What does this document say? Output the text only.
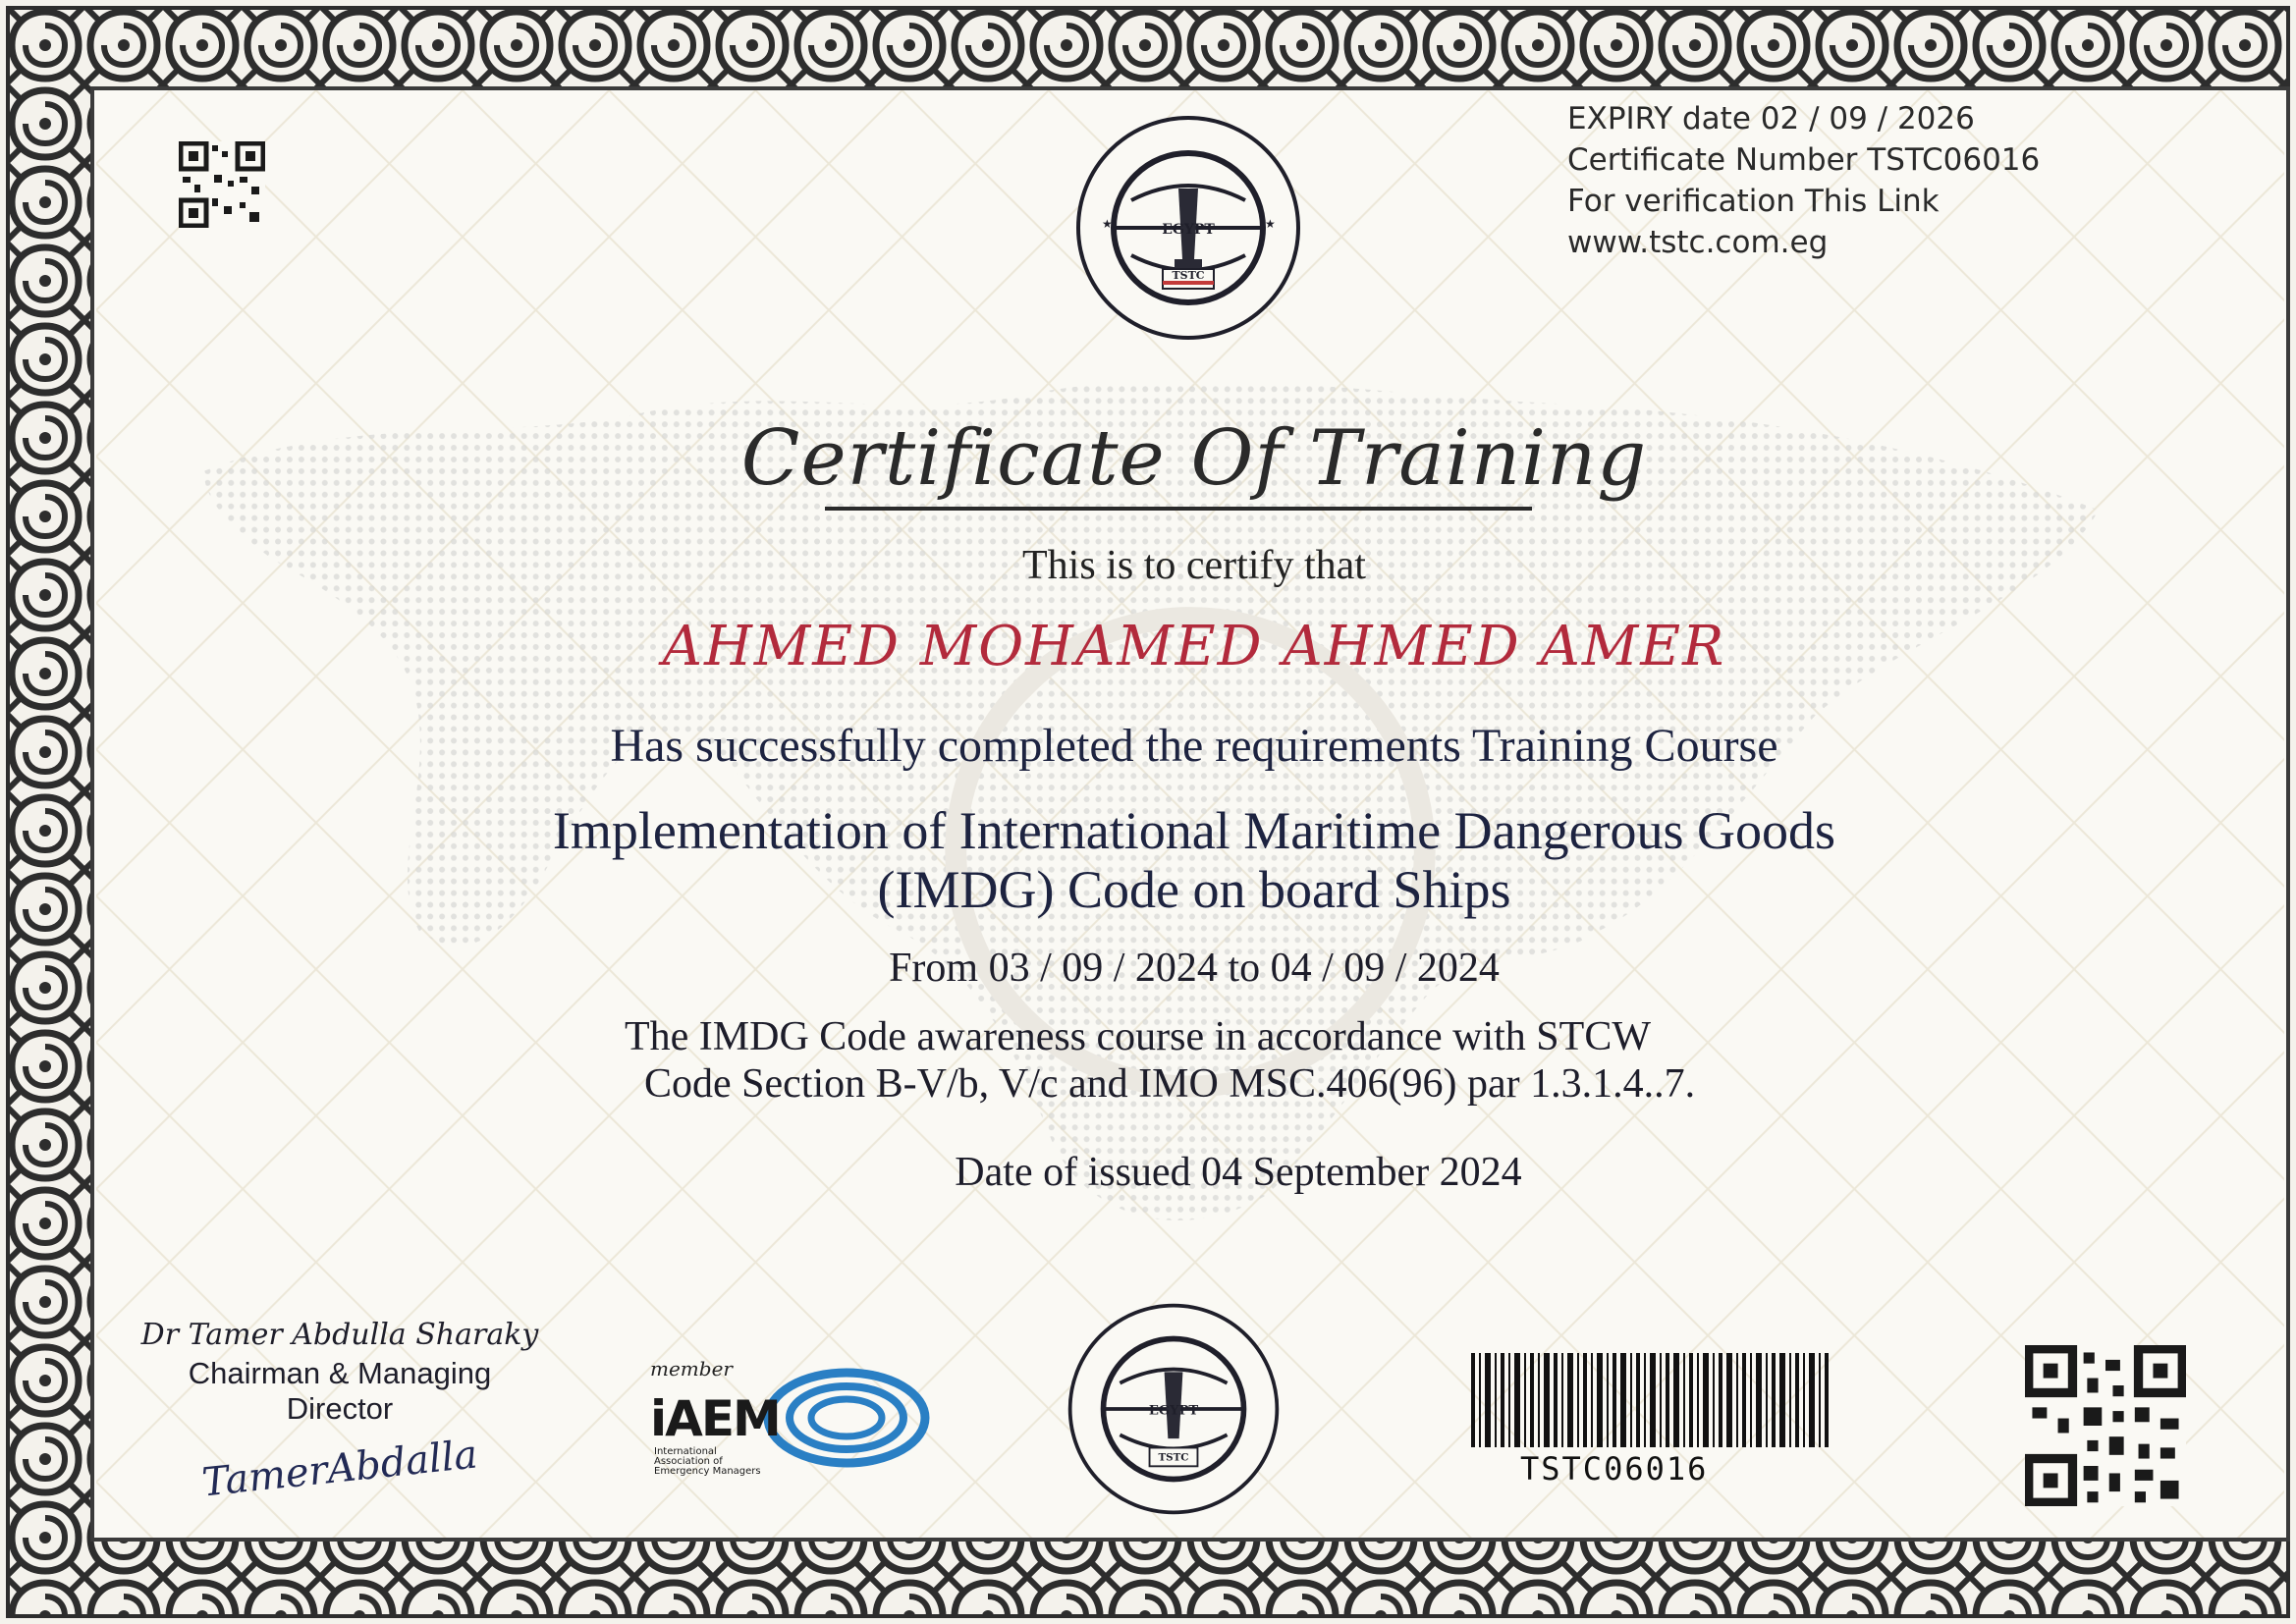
EGYPT
TSTC
★	★
EXPIRY date 02 / 09 / 2026
Certificate Number TSTC06016
For verification This Link
www.tstc.com.eg
Certificate Of Training
This is to certify that
AHMED MOHAMED AHMED AMER
Has successfully completed the requirements Training Course
Implementation of International Maritime Dangerous Goods
(IMDG) Code on board Ships
From 03 / 09 / 2024 to 04 / 09 / 2024
The IMDG Code awareness course in accordance with STCW
Code Section B-V/b, V/c and IMO MSC.406(96) par 1.3.1.4..7.
Date of issued 04 September 2024
Dr Tamer Abdulla Sharaky
Chairman & Managing Director
TamerAbdalla
member
iAEM
International
Association of
Emergency Managers
EGYPT
TSTC	TSTC06016
